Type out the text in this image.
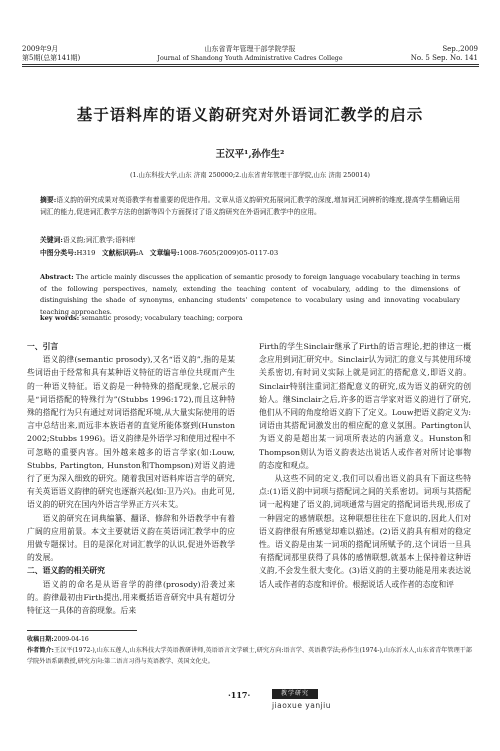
2009年9月
第5期(总第141期)
山东省青年管理干部学院学报
Journal of Shandong Youth Administrative Cadres College
Sep.,2009
No. 5 Sep. No. 141
基于语料库的语义韵研究对外语词汇教学的启示
王汉平¹,孙作生²
(1.山东科技大学,山东 济南 250000;2.山东省青年管理干部学院,山东 济南 250014)
摘要:语义韵的研究成果对英语教学有着重要的促进作用。文章从语义韵研究拓展词汇教学的深度,增加词汇词辨析的维度,提高学生精确运用词汇的能力,促进词汇教学方法的创新等四个方面探讨了语义韵研究在外语词汇教学中的应用。
关键词:语义韵;词汇教学;语料库
中图分类号:H319 文献标识码:A 文章编号:1008-7605(2009)05-0117-03
Abstract: The article mainly discusses the application of semantic prosody to foreign language vocabulary teaching in terms of the following perspectives, namely, extending the teaching content of vocabulary, adding to the dimensions of distinguishing the shade of synonyms, enhancing students' competence to vocabulary using and innovating vocabulary teaching approaches.
key words: semantic prosody; vocabulary teaching; corpora

一、引言

语义韵律(semantic prosody),又名“语义韵”,指的是某些词语由于经常和具有某种语义特征的语言单位共现而产生的一种语义特征。语义韵是一种特殊的搭配现象,它展示的是“词语搭配的特殊行为”(Stubbs 1996:172),而且这种特殊的搭配行为只有通过对词语搭配环境,从大量实际使用的语言中总结出来,而远非本族语者的直觉所能体察到(Hunston 2002;Stubbs 1996)。语义韵律是外语学习和使用过程中不可忽略的重要内容。国外越来越多的语言学家(如:Louw, Stubbs, Partington, Hunston和Thompson)对语义韵进行了更为深入细致的研究。随着我国对语料库语言学的研究,有关英语语义韵律的研究也逐渐兴起(如:卫乃兴)。由此可见,语义韵的研究在国内外语言学界正方兴未艾。

语义韵研究在词典编纂、翻译、修辞和外语教学中有着广阔的应用前景。本文主要就语义韵在英语词汇教学中的应用做专题探讨。目的是深化对词汇教学的认识,促进外语教学的发展。

二、语义韵的相关研究

语义韵的命名是从语音学的韵律(prosody)沿袭过来的。韵律最初由Firth提出,用来概括语音研究中具有超切分特征这一具体的音韵现象。后来

Firth的学生Sinclair继承了Firth的语言理论,把韵律这一概念应用到词汇研究中。Sinclair认为词汇的意义与其使用环境关系密切,有时词义实际上就是词汇的搭配意义,即语义韵。Sinclair特别注重词汇搭配意义的研究,成为语义韵研究的创始人。继Sinclair之后,许多的语言学家对语义韵进行了研究,他们从不同的角度给语义韵下了定义。Louw把语义韵定义为:词语由其搭配词激发出的相应配的意义氛围。Partington认为语义韵是超出某一词项所表达的内涵意义。Hunston和Thompson则认为语义韵表达出说话人或作者对所讨论事物的态度和观点。

从这些不同的定义,我们可以看出语义韵具有下面这些特点:(1)语义韵中词项与搭配词之间的关系密切。词项与其搭配词一起构建了语义韵,词项通常与固定的搭配词语共现,形成了一种固定的感情联想。这种联想往往在下意识的,因此人们对语义韵律很有所感觉却难以描述。(2)语义韵具有相对的稳定性。语义韵是由某一词项的搭配词所赋予的,这个词语一旦具有搭配词那里获得了具体的感情联想,就基本上保持着这种语义韵,不会发生很大变化。(3)语义韵的主要功能是用来表达说话人或作者的态度和评价。根据说话人或作者的态度和评

收稿日期:2009-04-16
作者简介:王汉平(1972-),山东五莲人,山东科技大学英语教研讲师,英语语言文学硕士,研究方向:语言学、英语教学法;孙作生(1974-),山东沂水人,山东省青年管理干部学院外语系副教授,研究方向:第二语言习得与英语教学、英国文化史。
·117·	教学研究
jiaoxue yanjiu
